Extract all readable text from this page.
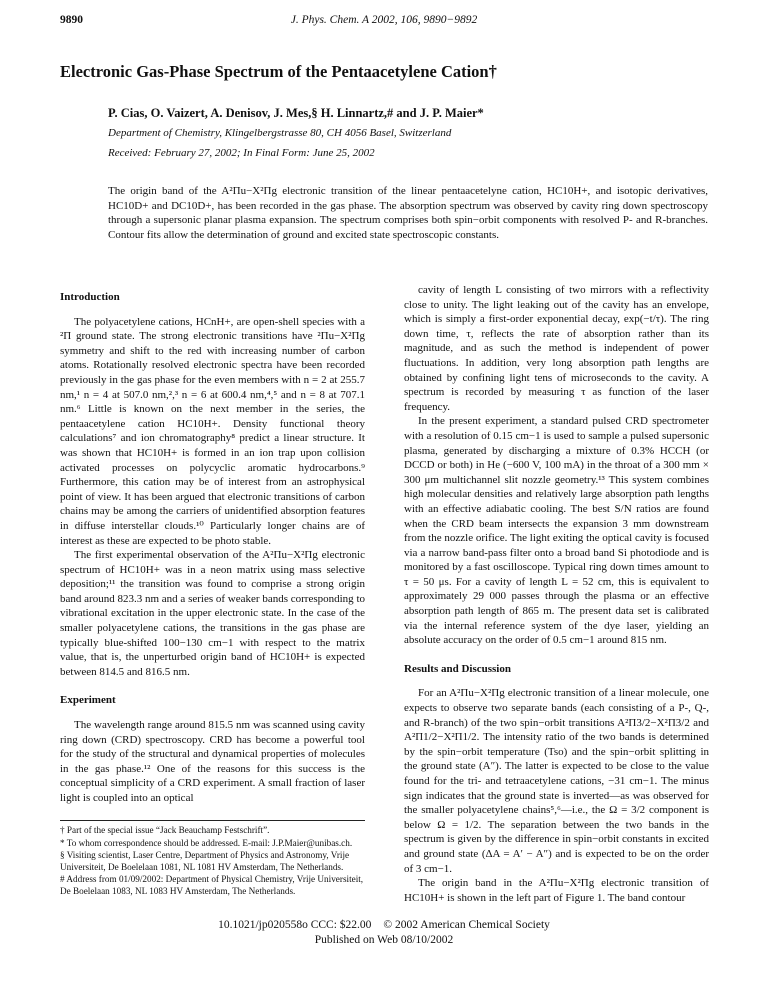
9890	J. Phys. Chem. A 2002, 106, 9890−9892
Electronic Gas-Phase Spectrum of the Pentaacetylene Cation†
P. Cias, O. Vaizert, A. Denisov, J. Mes,§ H. Linnartz,# and J. P. Maier*
Department of Chemistry, Klingelbergstrasse 80, CH 4056 Basel, Switzerland
Received: February 27, 2002; In Final Form: June 25, 2002
The origin band of the A²Πu−X²Πg electronic transition of the linear pentaacetelyne cation, HC10H+, and isotopic derivatives, HC10D+ and DC10D+, has been recorded in the gas phase. The absorption spectrum was observed by cavity ring down spectroscopy through a supersonic planar plasma expansion. The spectrum comprises both spin−orbit components with resolved P- and R-branches. Contour fits allow the determination of ground and excited state spectroscopic constants.
Introduction

The polyacetylene cations, HCnH+, are open-shell species with a ²Π ground state. The strong electronic transitions have ²Πu−X²Πg symmetry and shift to the red with increasing number of carbon atoms. Rotationally resolved electronic spectra have been recorded previously in the gas phase for the even members with n = 2 at 255.7 nm,¹ n = 4 at 507.0 nm,²,³ n = 6 at 600.4 nm,⁴,⁵ and n = 8 at 707.1 nm.⁶ Little is known on the next member in the series, the pentaacetylene cation HC10H+. Density functional theory calculations⁷ and ion chromatography⁸ predict a linear structure. It was shown that HC10H+ is formed in an ion trap upon collision activated processes on polycyclic aromatic hydrocarbons.⁹ Furthermore, this cation may be of interest from an astrophysical point of view. It has been argued that electronic transitions of carbon chains may be among the carriers of unidentified absorption features in diffuse interstellar clouds.¹⁰ Particularly longer chains are of interest as these are expected to be photo stable.

The first experimental observation of the A²Πu−X²Πg electronic spectrum of HC10H+ was in a neon matrix using mass selective deposition;¹¹ the transition was found to comprise a strong origin band around 823.3 nm and a series of weaker bands corresponding to vibrational excitation in the upper electronic state. In the case of the smaller polyacetylene cations, the transitions in the gas phase are typically blue-shifted 100−130 cm−1 with respect to the matrix value, that is, the unperturbed origin band of HC10H+ is expected between 814.5 and 816.5 nm.

Experiment

The wavelength range around 815.5 nm was scanned using cavity ring down (CRD) spectroscopy. CRD has become a powerful tool for the study of the structural and dynamical properties of molecules in the gas phase.¹² One of the reasons for this success is the conceptual simplicity of a CRD experiment. A small fraction of laser light is coupled into an optical

† Part of the special issue “Jack Beauchamp Festschrift”.
* To whom correspondence should be addressed. E-mail: J.P.Maier@unibas.ch.
§ Visiting scientist, Laser Centre, Department of Physics and Astronomy, Vrije Universiteit, De Boelelaan 1081, NL 1081 HV Amsterdam, The Netherlands.
# Address from 01/09/2002: Department of Physical Chemistry, Vrije Universiteit, De Boelelaan 1083, NL 1083 HV Amsterdam, The Netherlands.

cavity of length L consisting of two mirrors with a reflectivity close to unity. The light leaking out of the cavity has an envelope, which is simply a first-order exponential decay, exp(−t/τ). The ring down time, τ, reflects the rate of absorption rather than its magnitude, and as such the method is independent of power fluctuations. In addition, very long absorption path lengths are obtained by confining light tens of microseconds to the cavity. A spectrum is recorded by measuring τ as function of the laser frequency.

In the present experiment, a standard pulsed CRD spectrometer with a resolution of 0.15 cm−1 is used to sample a pulsed supersonic plasma, generated by discharging a mixture of 0.3% HCCH (or DCCD or both) in He (−600 V, 100 mA) in the throat of a 300 mm × 300 μm multichannel slit nozzle geometry.¹³ This system combines high molecular densities and relatively large absorption path lengths with an effective adiabatic cooling. The best S/N ratios are found when the CRD beam intersects the expansion 3 mm downstream from the nozzle orifice. The light exiting the optical cavity is focused via a narrow band-pass filter onto a broad band Si photodiode and is monitored by a fast oscilloscope. Typical ring down times amount to τ = 50 μs. For a cavity of length L = 52 cm, this is equivalent to approximately 29 000 passes through the plasma or an effective absorption path length of 865 m. The present data set is calibrated via the internal reference system of the dye laser, yielding an absolute accuracy on the order of 0.5 cm−1 around 815 nm.

Results and Discussion

For an A²Πu−X²Πg electronic transition of a linear molecule, one expects to observe two separate bands (each consisting of a P-, Q-, and R-branch) of the two spin−orbit transitions A²Π3/2−X²Π3/2 and A²Π1/2−X²Π1/2. The intensity ratio of the two bands is determined by the spin−orbit temperature (Tso) and the spin−orbit splitting in the ground state (A″). The latter is expected to be close to the value found for the tri- and tetraacetylene cations, −31 cm−1. The minus sign indicates that the ground state is inverted—as was observed for the smaller polyacetylene chains⁵,⁶—i.e., the Ω = 3/2 component is below Ω = 1/2. The separation between the two bands in the spectrum is given by the difference in spin−orbit constants in excited and ground state (ΔA = A′ − A″) and is expected to be on the order of 3 cm−1.

The origin band in the A²Πu−X²Πg electronic transition of HC10H+ is shown in the left part of Figure 1. The band contour

10.1021/jp020558o CCC: $22.00 © 2002 American Chemical Society
Published on Web 08/10/2002
